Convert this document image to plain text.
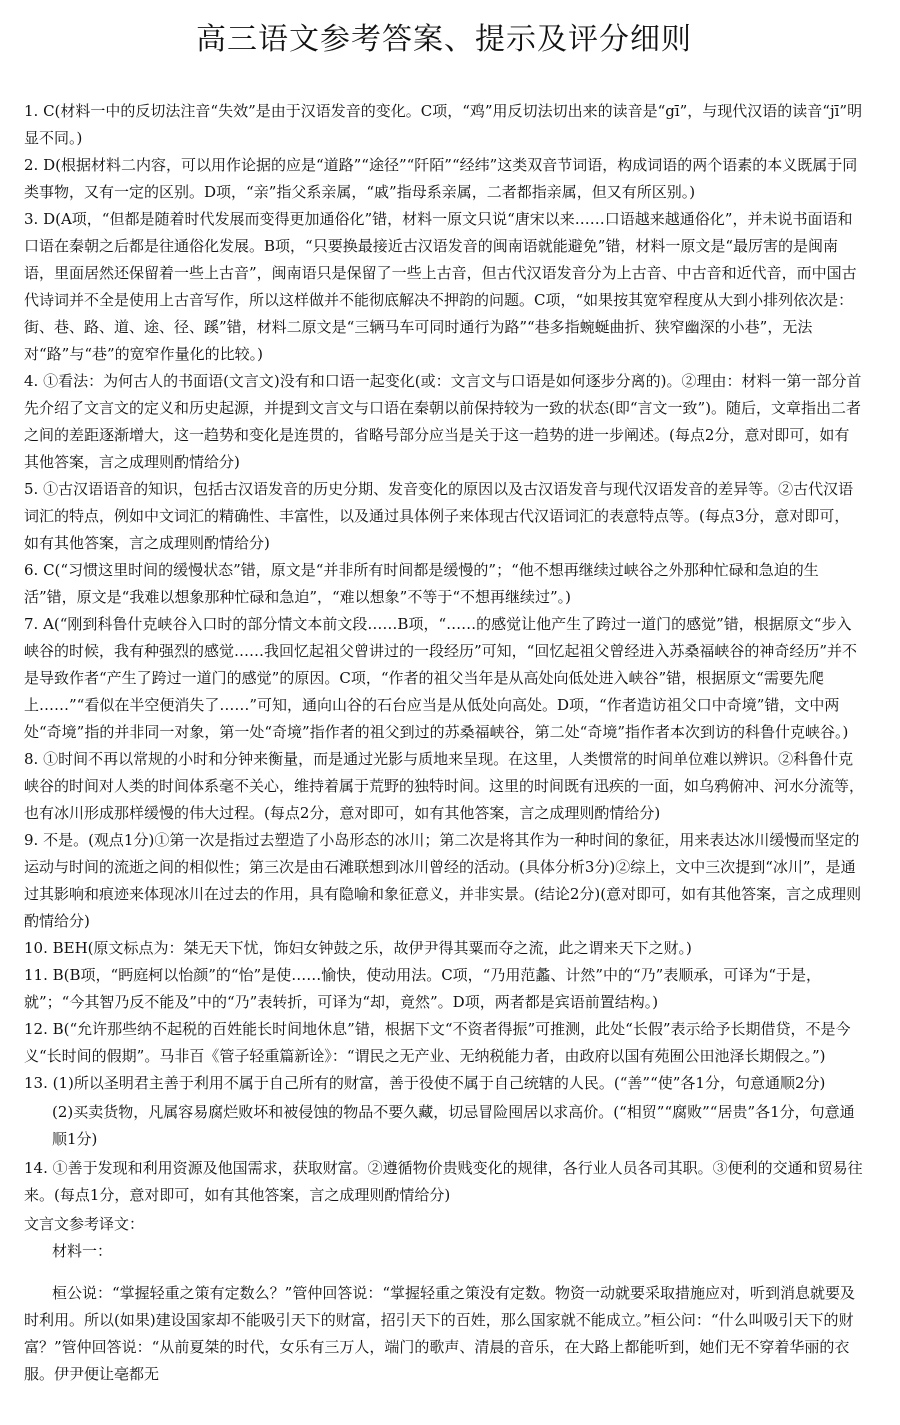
高三语文参考答案、提示及评分细则

1. C(材料一中的反切法注音“失效”是由于汉语发音的变化。C项，“鸡”用反切法切出来的读音是“gī”，与现代汉语的读音“jī”明显不同。)

2. D(根据材料二内容，可以用作论据的应是“道路”“途径”“阡陌”“经纬”这类双音节词语，构成词语的两个语素的本义既属于同类事物，又有一定的区别。D项，“亲”指父系亲属，“戚”指母系亲属，二者都指亲属，但又有所区别。)

3. D(A项，“但都是随着时代发展而变得更加通俗化”错，材料一原文只说“唐宋以来……口语越来越通俗化”，并未说书面语和口语在秦朝之后都是往通俗化发展。B项，“只要换最接近古汉语发音的闽南语就能避免”错，材料一原文是“最厉害的是闽南语，里面居然还保留着一些上古音”，闽南语只是保留了一些上古音，但古代汉语发音分为上古音、中古音和近代音，而中国古代诗词并不全是使用上古音写作，所以这样做并不能彻底解决不押韵的问题。C项，“如果按其宽窄程度从大到小排列依次是：街、巷、路、道、途、径、蹊”错，材料二原文是“三辆马车可同时通行为路”“巷多指蜿蜒曲折、狭窄幽深的小巷”，无法对“路”与“巷”的宽窄作量化的比较。)

4. ①看法：为何古人的书面语(文言文)没有和口语一起变化(或：文言文与口语是如何逐步分离的)。②理由：材料一第一部分首先介绍了文言文的定义和历史起源，并提到文言文与口语在秦朝以前保持较为一致的状态(即“言文一致”)。随后，文章指出二者之间的差距逐渐增大，这一趋势和变化是连贯的，省略号部分应当是关于这一趋势的进一步阐述。(每点2分，意对即可，如有其他答案，言之成理则酌情给分)

5. ①古汉语语音的知识，包括古汉语发音的历史分期、发音变化的原因以及古汉语发音与现代汉语发音的差异等。②古代汉语词汇的特点，例如中文词汇的精确性、丰富性，以及通过具体例子来体现古代汉语词汇的表意特点等。(每点3分，意对即可，如有其他答案，言之成理则酌情给分)

6. C(“习惯这里时间的缓慢状态”错，原文是“并非所有时间都是缓慢的”；“他不想再继续过峡谷之外那种忙碌和急迫的生活”错，原文是“我难以想象那种忙碌和急迫”，“难以想象”不等于“不想再继续过”。)

7. A(“刚到科鲁什克峡谷入口时的部分情文本前文段……B项，“……的感觉让他产生了跨过一道门的感觉”错，根据原文“步入峡谷的时候，我有种强烈的感觉……我回忆起祖父曾讲过的一段经历”可知，“回忆起祖父曾经进入苏桑福峡谷的神奇经历”并不是导致作者“产生了跨过一道门的感觉”的原因。C项，“作者的祖父当年是从高处向低处进入峡谷”错，根据原文“需要先爬上……”“看似在半空便消失了……”可知，通向山谷的石台应当是从低处向高处。D项，“作者造访祖父口中奇境”错，文中两处“奇境”指的并非同一对象，第一处“奇境”指作者的祖父到过的苏桑福峡谷，第二处“奇境”指作者本次到访的科鲁什克峡谷。)

8. ①时间不再以常规的小时和分钟来衡量，而是通过光影与质地来呈现。在这里，人类惯常的时间单位难以辨识。②科鲁什克峡谷的时间对人类的时间体系毫不关心，维持着属于荒野的独特时间。这里的时间既有迅疾的一面，如乌鸦俯冲、河水分流等，也有冰川形成那样缓慢的伟大过程。(每点2分，意对即可，如有其他答案，言之成理则酌情给分)

9. 不是。(观点1分)①第一次是指过去塑造了小岛形态的冰川；第二次是将其作为一种时间的象征，用来表达冰川缓慢而坚定的运动与时间的流逝之间的相似性；第三次是由石滩联想到冰川曾经的活动。(具体分析3分)②综上，文中三次提到“冰川”，是通过其影响和痕迹来体现冰川在过去的作用，具有隐喻和象征意义，并非实景。(结论2分)(意对即可，如有其他答案，言之成理则酌情给分)

10. BEH(原文标点为：桀无天下忧，饰妇女钟鼓之乐，故伊尹得其粟而夺之流，此之谓来天下之财。)

11. B(B项，“眄庭柯以怡颜”的“怡”是使……愉快，使动用法。C项，“乃用范蠡、计然”中的“乃”表顺承，可译为“于是，就”；“今其智乃反不能及”中的“乃”表转折，可译为“却，竟然”。D项，两者都是宾语前置结构。)

12. B(“允许那些纳不起税的百姓能长时间地休息”错，根据下文“不资者得振”可推测，此处“长假”表示给予长期借贷，不是今义“长时间的假期”。马非百《管子轻重篇新诠》：“谓民之无产业、无纳税能力者，由政府以国有苑囿公田池泽长期假之。”)

13. (1)所以圣明君主善于利用不属于自己所有的财富，善于役使不属于自己统辖的人民。(“善”“使”各1分，句意通顺2分)

(2)买卖货物，凡属容易腐烂败坏和被侵蚀的物品不要久藏，切忌冒险囤居以求高价。(“相贸”“腐败”“居贵”各1分，句意通顺1分)

14. ①善于发现和利用资源及他国需求，获取财富。②遵循物价贵贱变化的规律，各行业人员各司其职。③便利的交通和贸易往来。(每点1分，意对即可，如有其他答案，言之成理则酌情给分)

文言文参考译文：
材料一：

桓公说：“掌握轻重之策有定数么？”管仲回答说：“掌握轻重之策没有定数。物资一动就要采取措施应对，听到消息就要及时利用。所以(如果)建设国家却不能吸引天下的财富，招引天下的百姓，那么国家就不能成立。”桓公问：“什么叫吸引天下的财富？”管仲回答说：“从前夏桀的时代，女乐有三万人，端门的歌声、清晨的音乐，在大路上都能听到，她们无不穿着华丽的衣服。伊尹便让亳都无
